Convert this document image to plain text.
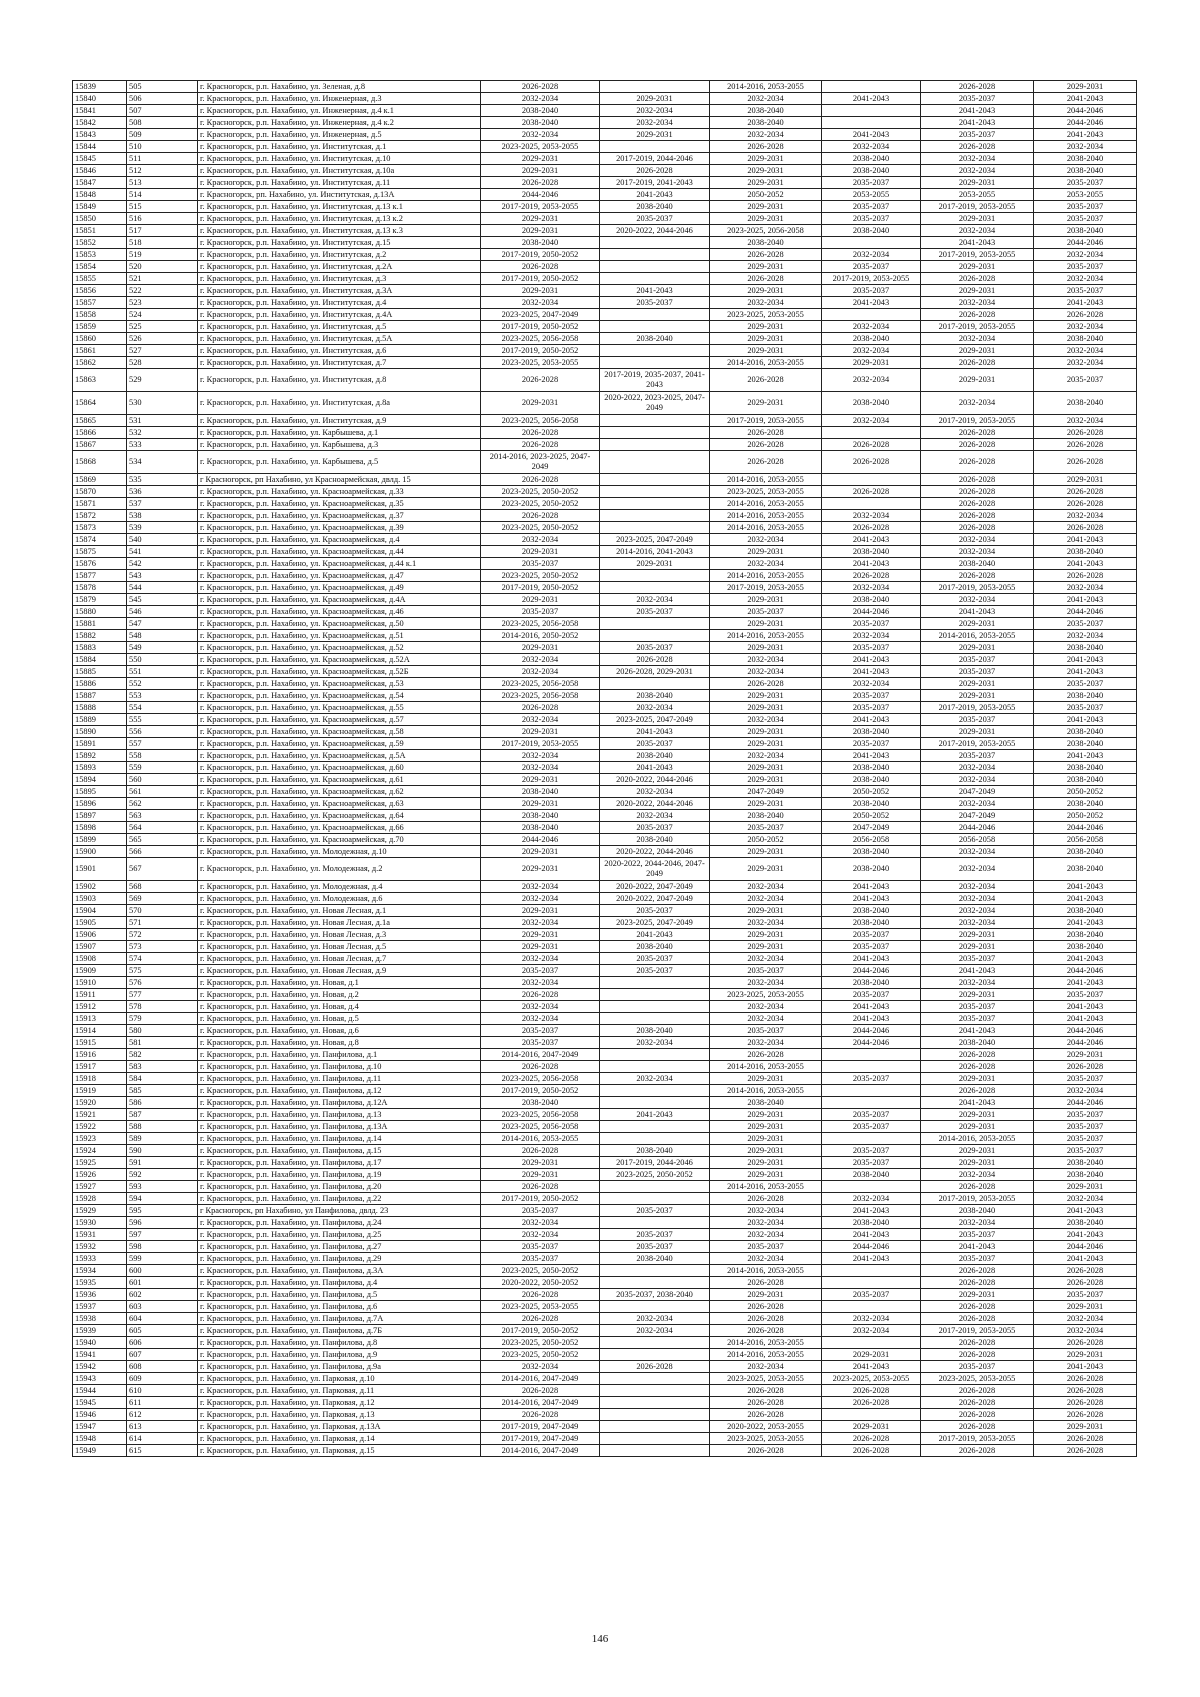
15839	505	г. Красногорск, р.п. Нахабино, ул. Зеленая, д.8	2026-2028		2014-2016, 2053-2055		2026-2028	2029-2031
15840	506	г. Красногорск, р.п. Нахабино, ул. Инженерная, д.3	2032-2034	2029-2031	2032-2034	2041-2043	2035-2037	2041-2043
15841	507	г. Красногорск, р.п. Нахабино, ул. Инженерная, д.4 к.1	2038-2040	2032-2034	2038-2040		2041-2043	2044-2046
15842	508	г. Красногорск, р.п. Нахабино, ул. Инженерная, д.4 к.2	2038-2040	2032-2034	2038-2040		2041-2043	2044-2046
15843	509	г. Красногорск, р.п. Нахабино, ул. Инженерная, д.5	2032-2034	2029-2031	2032-2034	2041-2043	2035-2037	2041-2043
15844	510	г. Красногорск, р.п. Нахабино, ул. Институтская, д.1	2023-2025, 2053-2055		2026-2028	2032-2034	2026-2028	2032-2034
15845	511	г. Красногорск, р.п. Нахабино, ул. Институтская, д.10	2029-2031	2017-2019, 2044-2046	2029-2031	2038-2040	2032-2034	2038-2040
15846	512	г. Красногорск, р.п. Нахабино, ул. Институтская, д.10а	2029-2031	2026-2028	2029-2031	2038-2040	2032-2034	2038-2040
15847	513	г. Красногорск, р.п. Нахабино, ул. Институтская, д.11	2026-2028	2017-2019, 2041-2043	2029-2031	2035-2037	2029-2031	2035-2037
15848	514	г. Красногорск, рп. Нахабино, ул. Институтская, д.13А	2044-2046	2041-2043	2050-2052	2053-2055	2053-2055	2053-2055
15849	515	г. Красногорск, р.п. Нахабино, ул. Институтская, д.13 к.1	2017-2019, 2053-2055	2038-2040	2029-2031	2035-2037	2017-2019, 2053-2055	2035-2037
15850	516	г. Красногорск, р.п. Нахабино, ул. Институтская, д.13 к.2	2029-2031	2035-2037	2029-2031	2035-2037	2029-2031	2035-2037
15851	517	г. Красногорск, р.п. Нахабино, ул. Институтская, д.13 к.3	2029-2031	2020-2022, 2044-2046	2023-2025, 2056-2058	2038-2040	2032-2034	2038-2040
15852	518	г. Красногорск, р.п. Нахабино, ул. Институтская, д.15	2038-2040		2038-2040		2041-2043	2044-2046
15853	519	г. Красногорск, р.п. Нахабино, ул. Институтская, д.2	2017-2019, 2050-2052		2026-2028	2032-2034	2017-2019, 2053-2055	2032-2034
15854	520	г. Красногорск, р.п. Нахабино, ул. Институтская, д.2А	2026-2028		2029-2031	2035-2037	2029-2031	2035-2037
15855	521	г. Красногорск, р.п. Нахабино, ул. Институтская, д.3	2017-2019, 2050-2052		2026-2028	2017-2019, 2053-2055	2026-2028	2032-2034
15856	522	г. Красногорск, р.п. Нахабино, ул. Институтская, д.3А	2029-2031	2041-2043	2029-2031	2035-2037	2029-2031	2035-2037
15857	523	г. Красногорск, р.п. Нахабино, ул. Институтская, д.4	2032-2034	2035-2037	2032-2034	2041-2043	2032-2034	2041-2043
15858	524	г. Красногорск, р.п. Нахабино, ул. Институтская, д.4А	2023-2025, 2047-2049		2023-2025, 2053-2055		2026-2028	2026-2028
15859	525	г. Красногорск, р.п. Нахабино, ул. Институтская, д.5	2017-2019, 2050-2052		2029-2031	2032-2034	2017-2019, 2053-2055	2032-2034
15860	526	г. Красногорск, р.п. Нахабино, ул. Институтская, д.5А	2023-2025, 2056-2058	2038-2040	2029-2031	2038-2040	2032-2034	2038-2040
15861	527	г. Красногорск, р.п. Нахабино, ул. Институтская, д.6	2017-2019, 2050-2052		2029-2031	2032-2034	2029-2031	2032-2034
15862	528	г. Красногорск, р.п. Нахабино, ул. Институтская, д.7	2023-2025, 2053-2055		2014-2016, 2053-2055	2029-2031	2026-2028	2032-2034
15863	529	г. Красногорск, р.п. Нахабино, ул. Институтская, д.8	2026-2028	2017-2019, 2035-2037, 2041-2043	2026-2028	2032-2034	2029-2031	2035-2037
15864	530	г. Красногорск, р.п. Нахабино, ул. Институтская, д.8а	2029-2031	2020-2022, 2023-2025, 2047-2049	2029-2031	2038-2040	2032-2034	2038-2040
15865	531	г. Красногорск, р.п. Нахабино, ул. Институтская, д.9	2023-2025, 2056-2058		2017-2019, 2053-2055	2032-2034	2017-2019, 2053-2055	2032-2034
15866	532	г. Красногорск, р.п. Нахабино, ул. Карбышева, д.1	2026-2028		2026-2028		2026-2028	2026-2028
15867	533	г. Красногорск, р.п. Нахабино, ул. Карбышева, д.3	2026-2028		2026-2028	2026-2028	2026-2028	2026-2028
15868	534	г. Красногорск, р.п. Нахабино, ул. Карбышева, д.5	2014-2016, 2023-2025, 2047-2049		2026-2028	2026-2028	2026-2028	2026-2028
15869	535	г Красногорск, рп Нахабино, ул Красноармейская, двлд. 15	2026-2028		2014-2016, 2053-2055		2026-2028	2029-2031
15870	536	г. Красногорск, р.п. Нахабино, ул. Красноармейская, д.33	2023-2025, 2050-2052		2023-2025, 2053-2055	2026-2028	2026-2028	2026-2028
15871	537	г. Красногорск, р.п. Нахабино, ул. Красноармейская, д.35	2023-2025, 2050-2052		2014-2016, 2053-2055		2026-2028	2026-2028
15872	538	г. Красногорск, р.п. Нахабино, ул. Красноармейская, д.37	2026-2028		2014-2016, 2053-2055	2032-2034	2026-2028	2032-2034
15873	539	г. Красногорск, р.п. Нахабино, ул. Красноармейская, д.39	2023-2025, 2050-2052		2014-2016, 2053-2055	2026-2028	2026-2028	2026-2028
15874	540	г. Красногорск, р.п. Нахабино, ул. Красноармейская, д.4	2032-2034	2023-2025, 2047-2049	2032-2034	2041-2043	2032-2034	2041-2043
15875	541	г. Красногорск, р.п. Нахабино, ул. Красноармейская, д.44	2029-2031	2014-2016, 2041-2043	2029-2031	2038-2040	2032-2034	2038-2040
15876	542	г. Красногорск, р.п. Нахабино, ул. Красноармейская, д.44 к.1	2035-2037	2029-2031	2032-2034	2041-2043	2038-2040	2041-2043
15877	543	г. Красногорск, р.п. Нахабино, ул. Красноармейская, д.47	2023-2025, 2050-2052		2014-2016, 2053-2055	2026-2028	2026-2028	2026-2028
15878	544	г. Красногорск, р.п. Нахабино, ул. Красноармейская, д.49	2017-2019, 2050-2052		2017-2019, 2053-2055	2032-2034	2017-2019, 2053-2055	2032-2034
15879	545	г. Красногорск, р.п. Нахабино, ул. Красноармейская, д.4А	2029-2031	2032-2034	2029-2031	2038-2040	2032-2034	2041-2043
15880	546	г. Красногорск, р.п. Нахабино, ул. Красноармейская, д.46	2035-2037	2035-2037	2035-2037	2044-2046	2041-2043	2044-2046
15881	547	г. Красногорск, р.п. Нахабино, ул. Красноармейская, д.50	2023-2025, 2056-2058		2029-2031	2035-2037	2029-2031	2035-2037
15882	548	г. Красногорск, р.п. Нахабино, ул. Красноармейская, д.51	2014-2016, 2050-2052		2014-2016, 2053-2055	2032-2034	2014-2016, 2053-2055	2032-2034
15883	549	г. Красногорск, р.п. Нахабино, ул. Красноармейская, д.52	2029-2031	2035-2037	2029-2031	2035-2037	2029-2031	2038-2040
15884	550	г. Красногорск, р.п. Нахабино, ул. Красноармейская, д.52А	2032-2034	2026-2028	2032-2034	2041-2043	2035-2037	2041-2043
15885	551	г. Красногорск, р.п. Нахабино, ул. Красноармейская, д.52Б	2032-2034	2026-2028, 2029-2031	2032-2034	2041-2043	2035-2037	2041-2043
15886	552	г. Красногорск, р.п. Нахабино, ул. Красноармейская, д.53	2023-2025, 2056-2058		2026-2028	2032-2034	2029-2031	2035-2037
15887	553	г. Красногорск, р.п. Нахабино, ул. Красноармейская, д.54	2023-2025, 2056-2058	2038-2040	2029-2031	2035-2037	2029-2031	2038-2040
15888	554	г. Красногорск, р.п. Нахабино, ул. Красноармейская, д.55	2026-2028	2032-2034	2029-2031	2035-2037	2017-2019, 2053-2055	2035-2037
15889	555	г. Красногорск, р.п. Нахабино, ул. Красноармейская, д.57	2032-2034	2023-2025, 2047-2049	2032-2034	2041-2043	2035-2037	2041-2043
15890	556	г. Красногорск, р.п. Нахабино, ул. Красноармейская, д.58	2029-2031	2041-2043	2029-2031	2038-2040	2029-2031	2038-2040
15891	557	г. Красногорск, р.п. Нахабино, ул. Красноармейская, д.59	2017-2019, 2053-2055	2035-2037	2029-2031	2035-2037	2017-2019, 2053-2055	2038-2040
15892	558	г. Красногорск, р.п. Нахабино, ул. Красноармейская, д.5А	2032-2034	2038-2040	2032-2034	2041-2043	2035-2037	2041-2043
15893	559	г. Красногорск, р.п. Нахабино, ул. Красноармейская, д.60	2032-2034	2041-2043	2029-2031	2038-2040	2032-2034	2038-2040
15894	560	г. Красногорск, р.п. Нахабино, ул. Красноармейская, д.61	2029-2031	2020-2022, 2044-2046	2029-2031	2038-2040	2032-2034	2038-2040
15895	561	г. Красногорск, р.п. Нахабино, ул. Красноармейская, д.62	2038-2040	2032-2034	2047-2049	2050-2052	2047-2049	2050-2052
15896	562	г. Красногорск, р.п. Нахабино, ул. Красноармейская, д.63	2029-2031	2020-2022, 2044-2046	2029-2031	2038-2040	2032-2034	2038-2040
15897	563	г. Красногорск, р.п. Нахабино, ул. Красноармейская, д.64	2038-2040	2032-2034	2038-2040	2050-2052	2047-2049	2050-2052
15898	564	г. Красногорск, р.п. Нахабино, ул. Красноармейская, д.66	2038-2040	2035-2037	2035-2037	2047-2049	2044-2046	2044-2046
15899	565	г. Красногорск, р.п. Нахабино, ул. Красноармейская, д.70	2044-2046	2038-2040	2050-2052	2056-2058	2056-2058	2056-2058
15900	566	г. Красногорск, р.п. Нахабино, ул. Молодежная, д.10	2029-2031	2020-2022, 2044-2046	2029-2031	2038-2040	2032-2034	2038-2040
15901	567	г. Красногорск, р.п. Нахабино, ул. Молодежная, д.2	2029-2031	2020-2022, 2044-2046, 2047-2049	2029-2031	2038-2040	2032-2034	2038-2040
15902	568	г. Красногорск, р.п. Нахабино, ул. Молодежная, д.4	2032-2034	2020-2022, 2047-2049	2032-2034	2041-2043	2032-2034	2041-2043
15903	569	г. Красногорск, р.п. Нахабино, ул. Молодежная, д.6	2032-2034	2020-2022, 2047-2049	2032-2034	2041-2043	2032-2034	2041-2043
15904	570	г. Красногорск, р.п. Нахабино, ул. Новая Лесная, д.1	2029-2031	2035-2037	2029-2031	2038-2040	2032-2034	2038-2040
15905	571	г. Красногорск, р.п. Нахабино, ул. Новая Лесная, д.1а	2032-2034	2023-2025, 2047-2049	2032-2034	2038-2040	2032-2034	2041-2043
15906	572	г. Красногорск, р.п. Нахабино, ул. Новая Лесная, д.3	2029-2031	2041-2043	2029-2031	2035-2037	2029-2031	2038-2040
15907	573	г. Красногорск, р.п. Нахабино, ул. Новая Лесная, д.5	2029-2031	2038-2040	2029-2031	2035-2037	2029-2031	2038-2040
15908	574	г. Красногорск, р.п. Нахабино, ул. Новая Лесная, д.7	2032-2034	2035-2037	2032-2034	2041-2043	2035-2037	2041-2043
15909	575	г. Красногорск, р.п. Нахабино, ул. Новая Лесная, д.9	2035-2037	2035-2037	2035-2037	2044-2046	2041-2043	2044-2046
15910	576	г. Красногорск, р.п. Нахабино, ул. Новая, д.1	2032-2034		2032-2034	2038-2040	2032-2034	2041-2043
15911	577	г. Красногорск, р.п. Нахабино, ул. Новая, д.2	2026-2028		2023-2025, 2053-2055	2035-2037	2029-2031	2035-2037
15912	578	г. Красногорск, р.п. Нахабино, ул. Новая, д.4	2032-2034		2032-2034	2041-2043	2035-2037	2041-2043
15913	579	г. Красногорск, р.п. Нахабино, ул. Новая, д.5	2032-2034		2032-2034	2041-2043	2035-2037	2041-2043
15914	580	г. Красногорск, р.п. Нахабино, ул. Новая, д.6	2035-2037	2038-2040	2035-2037	2044-2046	2041-2043	2044-2046
15915	581	г. Красногорск, р.п. Нахабино, ул. Новая, д.8	2035-2037	2032-2034	2032-2034	2044-2046	2038-2040	2044-2046
15916	582	г. Красногорск, р.п. Нахабино, ул. Панфилова, д.1	2014-2016, 2047-2049		2026-2028		2026-2028	2029-2031
15917	583	г. Красногорск, р.п. Нахабино, ул. Панфилова, д.10	2026-2028		2014-2016, 2053-2055		2026-2028	2026-2028
15918	584	г. Красногорск, р.п. Нахабино, ул. Панфилова, д.11	2023-2025, 2056-2058	2032-2034	2029-2031	2035-2037	2029-2031	2035-2037
15919	585	г. Красногорск, р.п. Нахабино, ул. Панфилова, д.12	2017-2019, 2050-2052		2014-2016, 2053-2055		2026-2028	2032-2034
15920	586	г. Красногорск, р.п. Нахабино, ул. Панфилова, д.12А	2038-2040		2038-2040		2041-2043	2044-2046
15921	587	г. Красногорск, р.п. Нахабино, ул. Панфилова, д.13	2023-2025, 2056-2058	2041-2043	2029-2031	2035-2037	2029-2031	2035-2037
15922	588	г. Красногорск, р.п. Нахабино, ул. Панфилова, д.13А	2023-2025, 2056-2058		2029-2031	2035-2037	2029-2031	2035-2037
15923	589	г. Красногорск, р.п. Нахабино, ул. Панфилова, д.14	2014-2016, 2053-2055		2029-2031		2014-2016, 2053-2055	2035-2037
15924	590	г. Красногорск, р.п. Нахабино, ул. Панфилова, д.15	2026-2028	2038-2040	2029-2031	2035-2037	2029-2031	2035-2037
15925	591	г. Красногорск, р.п. Нахабино, ул. Панфилова, д.17	2029-2031	2017-2019, 2044-2046	2029-2031	2035-2037	2029-2031	2038-2040
15926	592	г. Красногорск, р.п. Нахабино, ул. Панфилова, д.19	2029-2031	2023-2025, 2050-2052	2029-2031	2038-2040	2032-2034	2038-2040
15927	593	г. Красногорск, р.п. Нахабино, ул. Панфилова, д.20	2026-2028		2014-2016, 2053-2055		2026-2028	2029-2031
15928	594	г. Красногорск, р.п. Нахабино, ул. Панфилова, д.22	2017-2019, 2050-2052		2026-2028	2032-2034	2017-2019, 2053-2055	2032-2034
15929	595	г Красногорск, рп Нахабино, ул Панфилова, двлд. 23	2035-2037	2035-2037	2032-2034	2041-2043	2038-2040	2041-2043
15930	596	г. Красногорск, р.п. Нахабино, ул. Панфилова, д.24	2032-2034		2032-2034	2038-2040	2032-2034	2038-2040
15931	597	г. Красногорск, р.п. Нахабино, ул. Панфилова, д.25	2032-2034	2035-2037	2032-2034	2041-2043	2035-2037	2041-2043
15932	598	г. Красногорск, р.п. Нахабино, ул. Панфилова, д.27	2035-2037	2035-2037	2035-2037	2044-2046	2041-2043	2044-2046
15933	599	г. Красногорск, р.п. Нахабино, ул. Панфилова, д.29	2035-2037	2038-2040	2032-2034	2041-2043	2035-2037	2041-2043
15934	600	г. Красногорск, р.п. Нахабино, ул. Панфилова, д.3А	2023-2025, 2050-2052		2014-2016, 2053-2055		2026-2028	2026-2028
15935	601	г. Красногорск, р.п. Нахабино, ул. Панфилова, д.4	2020-2022, 2050-2052		2026-2028		2026-2028	2026-2028
15936	602	г. Красногорск, р.п. Нахабино, ул. Панфилова, д.5	2026-2028	2035-2037, 2038-2040	2029-2031	2035-2037	2029-2031	2035-2037
15937	603	г. Красногорск, р.п. Нахабино, ул. Панфилова, д.6	2023-2025, 2053-2055		2026-2028		2026-2028	2029-2031
15938	604	г. Красногорск, р.п. Нахабино, ул. Панфилова, д.7А	2026-2028	2032-2034	2026-2028	2032-2034	2026-2028	2032-2034
15939	605	г. Красногорск, р.п. Нахабино, ул. Панфилова, д.7Б	2017-2019, 2050-2052	2032-2034	2026-2028	2032-2034	2017-2019, 2053-2055	2032-2034
15940	606	г. Красногорск, р.п. Нахабино, ул. Панфилова, д.8	2023-2025, 2050-2052		2014-2016, 2053-2055		2026-2028	2026-2028
15941	607	г. Красногорск, р.п. Нахабино, ул. Панфилова, д.9	2023-2025, 2050-2052		2014-2016, 2053-2055	2029-2031	2026-2028	2029-2031
15942	608	г. Красногорск, р.п. Нахабино, ул. Панфилова, д.9а	2032-2034	2026-2028	2032-2034	2041-2043	2035-2037	2041-2043
15943	609	г. Красногорск, р.п. Нахабино, ул. Парковая, д.10	2014-2016, 2047-2049		2023-2025, 2053-2055	2023-2025, 2053-2055	2023-2025, 2053-2055	2026-2028
15944	610	г. Красногорск, р.п. Нахабино, ул. Парковая, д.11	2026-2028		2026-2028	2026-2028	2026-2028	2026-2028
15945	611	г. Красногорск, р.п. Нахабино, ул. Парковая, д.12	2014-2016, 2047-2049		2026-2028	2026-2028	2026-2028	2026-2028
15946	612	г. Красногорск, р.п. Нахабино, ул. Парковая, д.13	2026-2028		2026-2028		2026-2028	2026-2028
15947	613	г. Красногорск, р.п. Нахабино, ул. Парковая, д.13А	2017-2019, 2047-2049		2020-2022, 2053-2055	2029-2031	2026-2028	2029-2031
15948	614	г. Красногорск, р.п. Нахабино, ул. Парковая, д.14	2017-2019, 2047-2049		2023-2025, 2053-2055	2026-2028	2017-2019, 2053-2055	2026-2028
15949	615	г. Красногорск, р.п. Нахабино, ул. Парковая, д.15	2014-2016, 2047-2049		2026-2028	2026-2028	2026-2028	2026-2028
146
